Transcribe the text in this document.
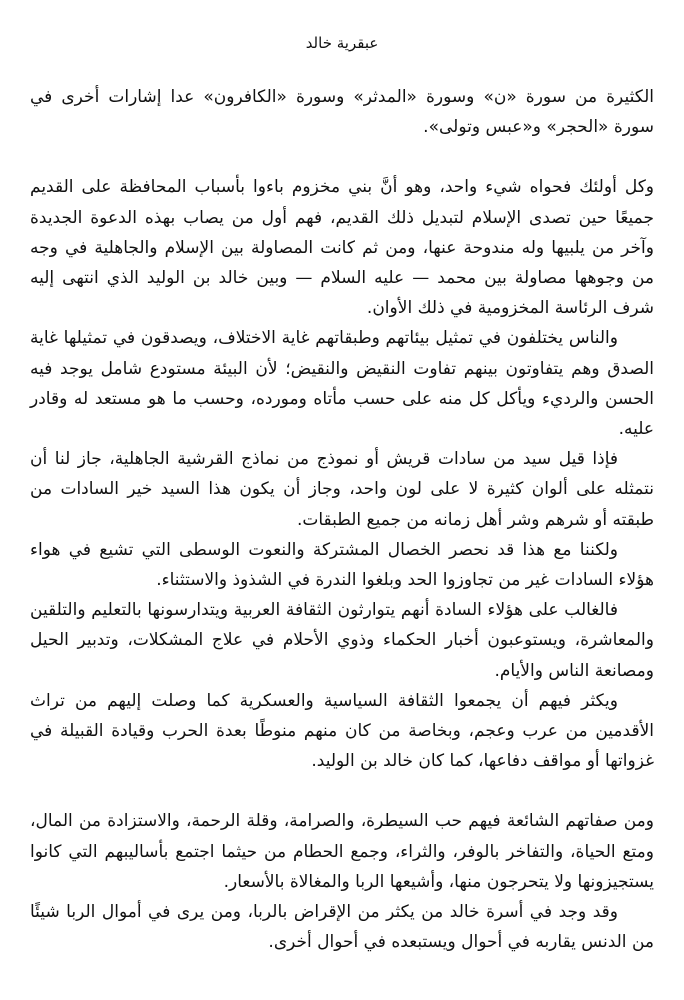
عبقرية خالد

الكثيرة من سورة «ن» وسورة «المدثر» وسورة «الكافرون» عدا إشارات أخرى في سورة «الحجر» و«عبس وتولى».

وكل أولئك فحواه شيء واحد، وهو أنَّ بني مخزوم باءوا بأسباب المحافظة على القديم جميعًا حين تصدى الإسلام لتبديل ذلك القديم، فهم أول من يصاب بهذه الدعوة الجديدة وآخر من يلبيها وله مندوحة عنها، ومن ثم كانت المصاولة بين الإسلام والجاهلية في وجه من وجوهها مصاولة بين محمد — عليه السلام — وبين خالد بن الوليد الذي انتهى إليه شرف الرئاسة المخزومية في ذلك الأوان.

والناس يختلفون في تمثيل بيئاتهم وطبقاتهم غاية الاختلاف، ويصدقون في تمثيلها غاية الصدق وهم يتفاوتون بينهم تفاوت النقيض والنقيض؛ لأن البيئة مستودع شامل يوجد فيه الحسن والرديء ويأكل كل منه على حسب مأتاه ومورده، وحسب ما هو مستعد له وقادر عليه.

فإذا قيل سيد من سادات قريش أو نموذج من نماذج القرشية الجاهلية، جاز لنا أن نتمثله على ألوان كثيرة لا على لون واحد، وجاز أن يكون هذا السيد خير السادات من طبقته أو شرهم وشر أهل زمانه من جميع الطبقات.

ولكننا مع هذا قد نحصر الخصال المشتركة والنعوت الوسطى التي تشيع في هواء هؤلاء السادات غير من تجاوزوا الحد وبلغوا الندرة في الشذوذ والاستثناء.

فالغالب على هؤلاء السادة أنهم يتوارثون الثقافة العربية ويتدارسونها بالتعليم والتلقين والمعاشرة، ويستوعبون أخبار الحكماء وذوي الأحلام في علاج المشكلات، وتدبير الحيل ومصانعة الناس والأيام.

ويكثر فيهم أن يجمعوا الثقافة السياسية والعسكرية كما وصلت إليهم من تراث الأقدمين من عرب وعجم، وبخاصة من كان منهم منوطًا بعدة الحرب وقيادة القبيلة في غزواتها أو مواقف دفاعها، كما كان خالد بن الوليد.

ومن صفاتهم الشائعة فيهم حب السيطرة، والصرامة، وقلة الرحمة، والاستزادة من المال، ومتع الحياة، والتفاخر بالوفر، والثراء، وجمع الحطام من حيثما اجتمع بأساليبهم التي كانوا يستجيزونها ولا يتحرجون منها، وأشيعها الربا والمغالاة بالأسعار.

وقد وجد في أسرة خالد من يكثر من الإقراض بالربا، ومن يرى في أموال الربا شيئًا من الدنس يقاربه في أحوال ويستبعده في أحوال أخرى.
